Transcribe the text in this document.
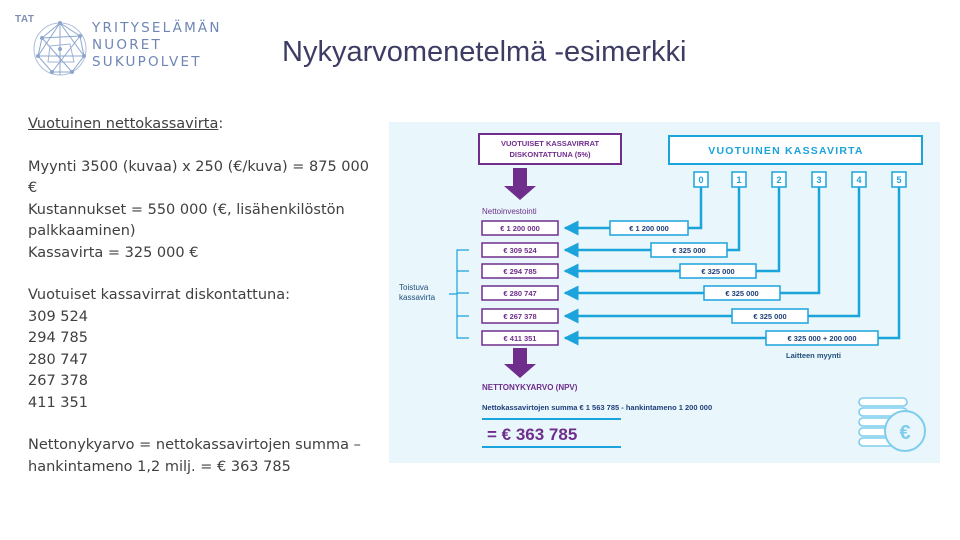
TAT
YRITYSELÄMÄN
NUORET
SUKUPOLVET	Nykyarvomenetelmä -esimerkki

Vuotuinen nettokassavirta:

Myynti 3500 (kuvaa) x 250 (€/kuva) = 875 000 €

Kustannukset = 550 000 (€, lisähenkilöstön palkkaaminen)

Kassavirta = 325 000 €

Vuotuiset kassavirrat diskontattuna:

309 524

294 785

280 747

267 378

411 351

Nettonykyarvo = nettokassavirtojen summa – hankintameno 1,2 milj. = € 363 785

VUOTUISET KASSAVIRRAT
DISKONTATTUNA (5%)
Nettoinvestointi
VUOTUINEN KASSAVIRTA
€ 1 200 000
€ 309 524
€ 294 785
€ 280 747
€ 267 378
€ 411 351
Toistuva
kassavirta
0	1	2	3	4	5
€ 1 200 000
€ 325 000
€ 325 000
€ 325 000
€ 325 000
€ 325 000 + 200 000
Laitteen myynti
NETTONYKYARVO (NPV)
Nettokassavirtojen summa € 1 563 785 - hankintameno 1 200 000
= € 363 785	€
